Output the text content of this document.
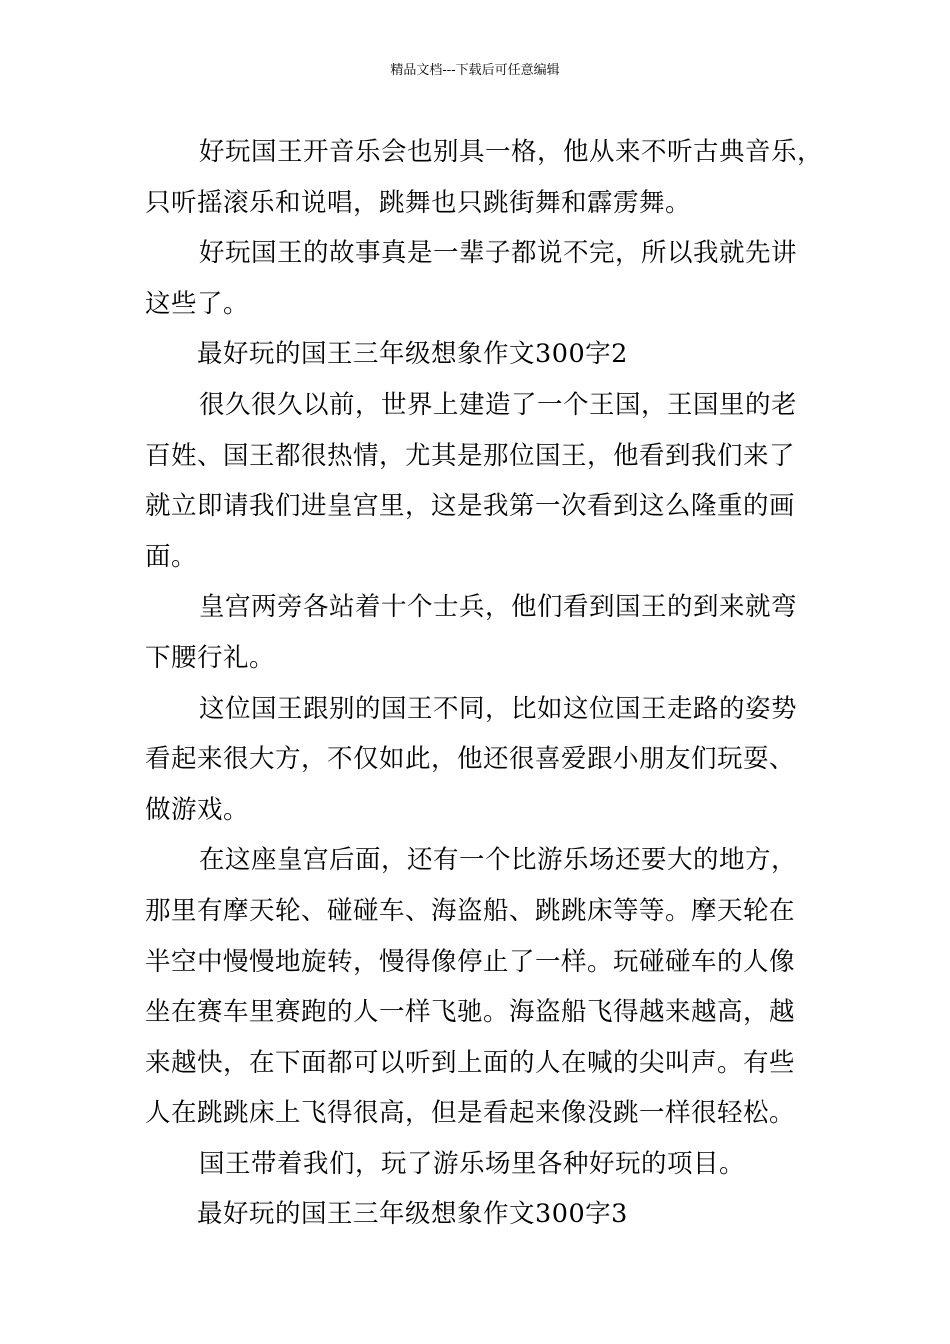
精品文档---下载后可任意编辑
好玩国王开音乐会也别具一格，他从来不听古典音乐，
只听摇滚乐和说唱，跳舞也只跳街舞和霹雳舞。
好玩国王的故事真是一辈子都说不完，所以我就先讲
这些了。
最好玩的国王三年级想象作文300字2
很久很久以前，世界上建造了一个王国，王国里的老
百姓、国王都很热情，尤其是那位国王，他看到我们来了
就立即请我们进皇宫里，这是我第一次看到这么隆重的画
面。
皇宫两旁各站着十个士兵，他们看到国王的到来就弯
下腰行礼。
这位国王跟别的国王不同，比如这位国王走路的姿势
看起来很大方，不仅如此，他还很喜爱跟小朋友们玩耍、
做游戏。
在这座皇宫后面，还有一个比游乐场还要大的地方，
那里有摩天轮、碰碰车、海盗船、跳跳床等等。摩天轮在
半空中慢慢地旋转，慢得像停止了一样。玩碰碰车的人像
坐在赛车里赛跑的人一样飞驰。海盗船飞得越来越高，越
来越快，在下面都可以听到上面的人在喊的尖叫声。有些
人在跳跳床上飞得很高，但是看起来像没跳一样很轻松。
国王带着我们，玩了游乐场里各种好玩的项目。
最好玩的国王三年级想象作文300字3
